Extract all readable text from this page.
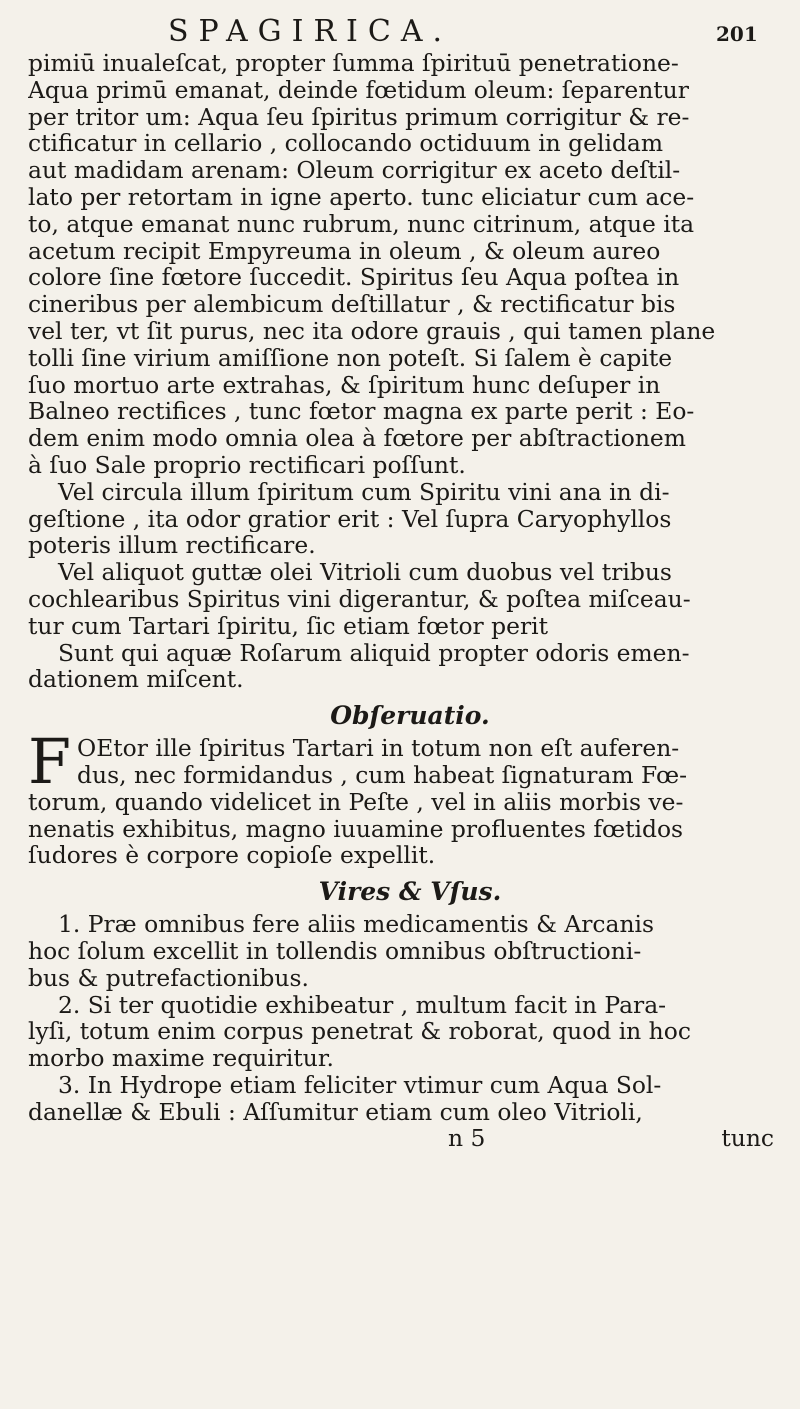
SPAGIRICA.	201
pimiū inualeſcat, propter ſumma ſpirituū penetratione-
Aqua primū emanat, deinde fœtidum oleum: ſeparentur
per tritor um: Aqua ſeu ſpiritus primum corrigitur & re-
ctificatur in cellario , collocando octiduum in gelidam
aut madidam arenam: Oleum corrigitur ex aceto deſtil-
lato per retortam in igne aperto. tunc eliciatur cum ace-
to, atque emanat nunc rubrum, nunc citrinum, atque ita
acetum recipit Empyreuma in oleum , & oleum aureo
colore ſine fœtore ſuccedit. Spiritus ſeu Aqua poſtea in
cineribus per alembicum deſtillatur , & rectificatur bis
vel ter, vt ſit purus, nec ita odore grauis , qui tamen plane
tolli ſine virium amiſſione non poteſt. Si ſalem è capite
ſuo mortuo arte extrahas, & ſpiritum hunc deſuper in
Balneo rectifices , tunc fœtor magna ex parte perit : Eo-
dem enim modo omnia olea à fœtore per abſtractionem
à ſuo Sale proprio rectificari poſſunt.
Vel circula illum ſpiritum cum Spiritu vini ana in di-
geſtione , ita odor gratior erit : Vel ſupra Caryophyllos
poteris illum rectificare.
Vel aliquot guttæ olei Vitrioli cum duobus vel tribus
cochlearibus Spiritus vini digerantur, & poſtea miſceau-
tur cum Tartari ſpiritu, ſic etiam fœtor perit
Sunt qui aquæ Roſarum aliquid propter odoris emen-
dationem miſcent.
Obſeruatio.
F OEtor ille ſpiritus Tartari in totum non eſt auferen-
dus, nec formidandus , cum habeat ſignaturam Fœ-
torum, quando videlicet in Peſte , vel in aliis morbis ve-
nenatis exhibitus, magno iuuamine profluentes fœtidos
ſudores è corpore copioſe expellit.
Vires & Vſus.
1. Præ omnibus fere aliis medicamentis & Arcanis
hoc ſolum excellit in tollendis omnibus obſtructioni-
bus & putrefactionibus.
2. Si ter quotidie exhibeatur , multum facit in Para-
lyſi, totum enim corpus penetrat & roborat, quod in hoc
morbo maxime requiritur.
3. In Hydrope etiam feliciter vtimur cum Aqua Sol-
danellæ & Ebuli : Aſſumitur etiam cum oleo Vitrioli,
n 5	tunc
